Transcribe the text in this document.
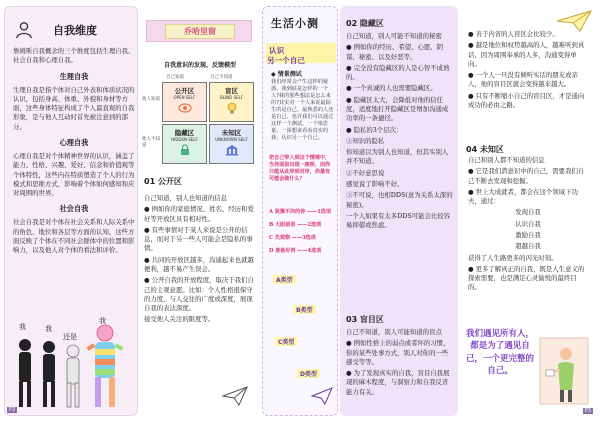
自我维度
詹姆斯自我概念的三个维度包括生理自我、社会自我和心理自我。
生理自我
生理自我是指个体对自己外表和体质状况的认识，包括身高、体重、外貌和身材等方面，这些身体特征构成了个人最直观的自我形象，是与他人互动时首先被注意到的部分。
心理自我
心理自我是对个体精神世界的认识，涵盖了能力、性格、兴趣、爱好、信念和价值观等个体特性，这些内在特质塑造了个人的行为模式和思维方式，影响着个体如何感知和应对周围的世界。
社会自我
社会自我是对个体在社会关系和人际关系中的角色、地位和各层等方面的认知，这些方面反映了个体在不同社会群体中的位置和影响力，以及他人对个体的看法和评价。
我	我
还是
我
P2
乔哈里窗
自我意识的发现、反馈模型
自己知道	自己不知道
他人知道
他人不知道
公开区
OPEN SELF
盲区
BLIND SELF
隐藏区
HIDDEN SELF
未知区
UNKNOWN SELF
01 公开区
自己知道，别人也知道的信息
● 例如你的家庭情况、姓名、经历和爱好等开放区具有相对性。
● 有些事情对于某人来说是公开的信息，而对于另一些人可能会是隐私的事情。
● 共同的开放区越多，沟通起来也就越便利，越不易产生误会。
● 公开自我的开放程度，取决于我们自己的主观意愿。比如：个人性格很保守的力度，与人交往的广度或深度，展现自我的表达深度。
接受他人关注的限度等。
生活小测
认识
另一个自己
◆ 情景测试
我们经常会产生这样的疑惑，我到底是怎样的一个人?我的那些想法是怎么来的?其实对一个人来说最陌生的是自己，最熟悉的人还是自己，也许我们可以通过这样一个测试，一个梁思量，一深想来看看真实的我，认识另一个自己。
把自己带入到这个情境中，当你面前出现一座桥，而你只能从此岸到对岸，你最有可能会做什么？
A 犹豫不决的你 ——1选项
B 大胆前进 ——2选项
C 先观察 ——3选项
D 准备好再 ——4选项
A类型
B类型
C类型
D类型
02 隐藏区
自己知道，别人可能不知道的秘密
● 例如你的经历、希望、心愿、阴谋、秘密、以及好恶等。
● 完全没有隐藏区的人是心智不成熟的。
● 一个真诚的人也需要隐藏区。
● 隐藏区太大，会降低对他的信任度，适度地打开隐藏区是增加沟通成功率的一条捷径。
● 隐私的3个层次：
①知识的隐私
你知道以为别人也知道，但其实别人并不知道。
②不好意思说
感觉说了影响不好。
③不可说，也相DDS(意为关系太深的秘密)。
一个人如果有太多DDS可能会比较容易抑郁或焦虑。
03 盲目区
自己不知道，别人可能知道的盲点
● 例如性格上的弱点或者坏的习惯，你的某些处事方式，别人对你的一些感受等等。
● 为了发现真实的自我，盲目自我展现的麻木程度，与洞察力和自我反省能力有关。
● 善于内省的人盲区会比较少。
● 越是地位和权势越高的人，越难听到真话，因为周围奉承的人多，沟通变得单向。
● 一个人一旦没有倾听实话的朋友或亲人，他的盲目区就会变得越来越大。
● 只有不断缩小自己的盲目区，才是通向成功的必由之路。
04 未知区
自己和别人都不知道的信息
● 它是我们潜意识中的自己，需要我们自己不断去发现和挖掘。
● 世上大成就者，都会在这个领域下功夫，通过：
发现自我
认识自我
激励自我
超越自我
获得了人生路更多的闪光时刻。
● 更多了解真正的自我，既是人生意义的探索需要，也是满足心灵愉悦的最终目的。
我们遇见所有人，都是为了遇见自己，一个更完整的自己。
P3
